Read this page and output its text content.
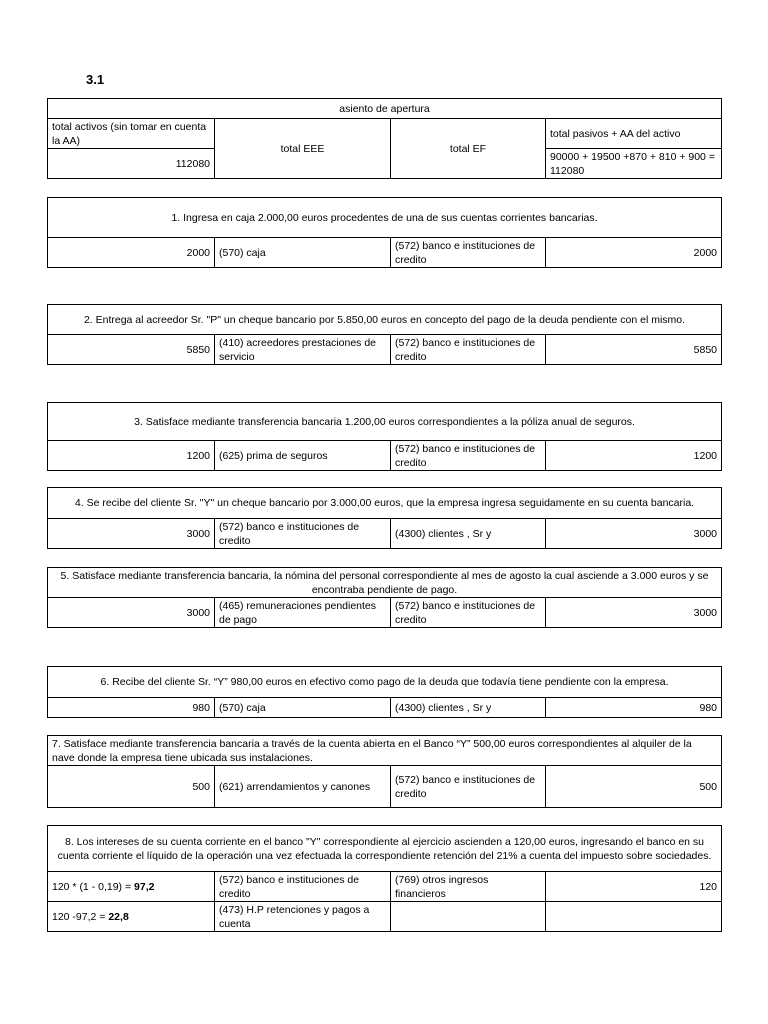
3.1
asiento de apertura			
total activos (sin tomar en cuenta la AA)	total EEE	total EF	total pasivos + AA del activo
112080			90000 + 19500 +870 + 810 + 900 = 112080
1. Ingresa en caja 2.000,00 euros procedentes de una de sus cuentas corrientes bancarias.
2000	(570) caja	(572) banco e instituciones de credito	2000
2. Entrega al acreedor Sr. "P" un cheque bancario por 5.850,00 euros en concepto del pago de la deuda pendiente con el mismo.
5850	(410) acreedores prestaciones de servicio	(572) banco e instituciones de credito	5850
3. Satisface mediante transferencia bancaria 1.200,00 euros correspondientes a la póliza anual de seguros.
1200	(625) prima de seguros	(572) banco e instituciones de credito	1200
4. Se recibe del cliente Sr. "Y" un cheque bancario por 3.000,00 euros, que la empresa ingresa seguidamente en su cuenta bancaria.
3000	(572) banco e instituciones de credito	(4300) clientes , Sr y	3000
5. Satisface mediante transferencia bancaria, la nómina del personal correspondiente al mes de agosto la cual asciende a 3.000 euros y se encontraba pendiente de pago.
3000	(465) remuneraciones pendientes de pago	(572) banco e instituciones de credito	3000
6. Recibe del cliente Sr. “Y” 980,00 euros en efectivo como pago de la deuda que todavía tiene pendiente con la empresa.
980	(570) caja	(4300) clientes , Sr y	980
7. Satisface mediante transferencia bancaria a través de la cuenta abierta en el Banco “Y” 500,00 euros correspondientes al alquiler de la nave donde la empresa tiene ubicada sus instalaciones.
500	(621) arrendamientos y canones	(572) banco e instituciones de credito	500
8. Los intereses de su cuenta corriente en el banco "Y" correspondiente al ejercicio ascienden a 120,00 euros, ingresando el banco en su cuenta corriente el líquido de la operación una vez efectuada la correspondiente retención del 21% a cuenta del impuesto sobre sociedades.			
120 * (1 - 0,19) = 97,2	(572) banco e instituciones de credito	(769) otros ingresos financieros	120
120 -97,2 = 22,8	(473) H.P retenciones y pagos a cuenta		
